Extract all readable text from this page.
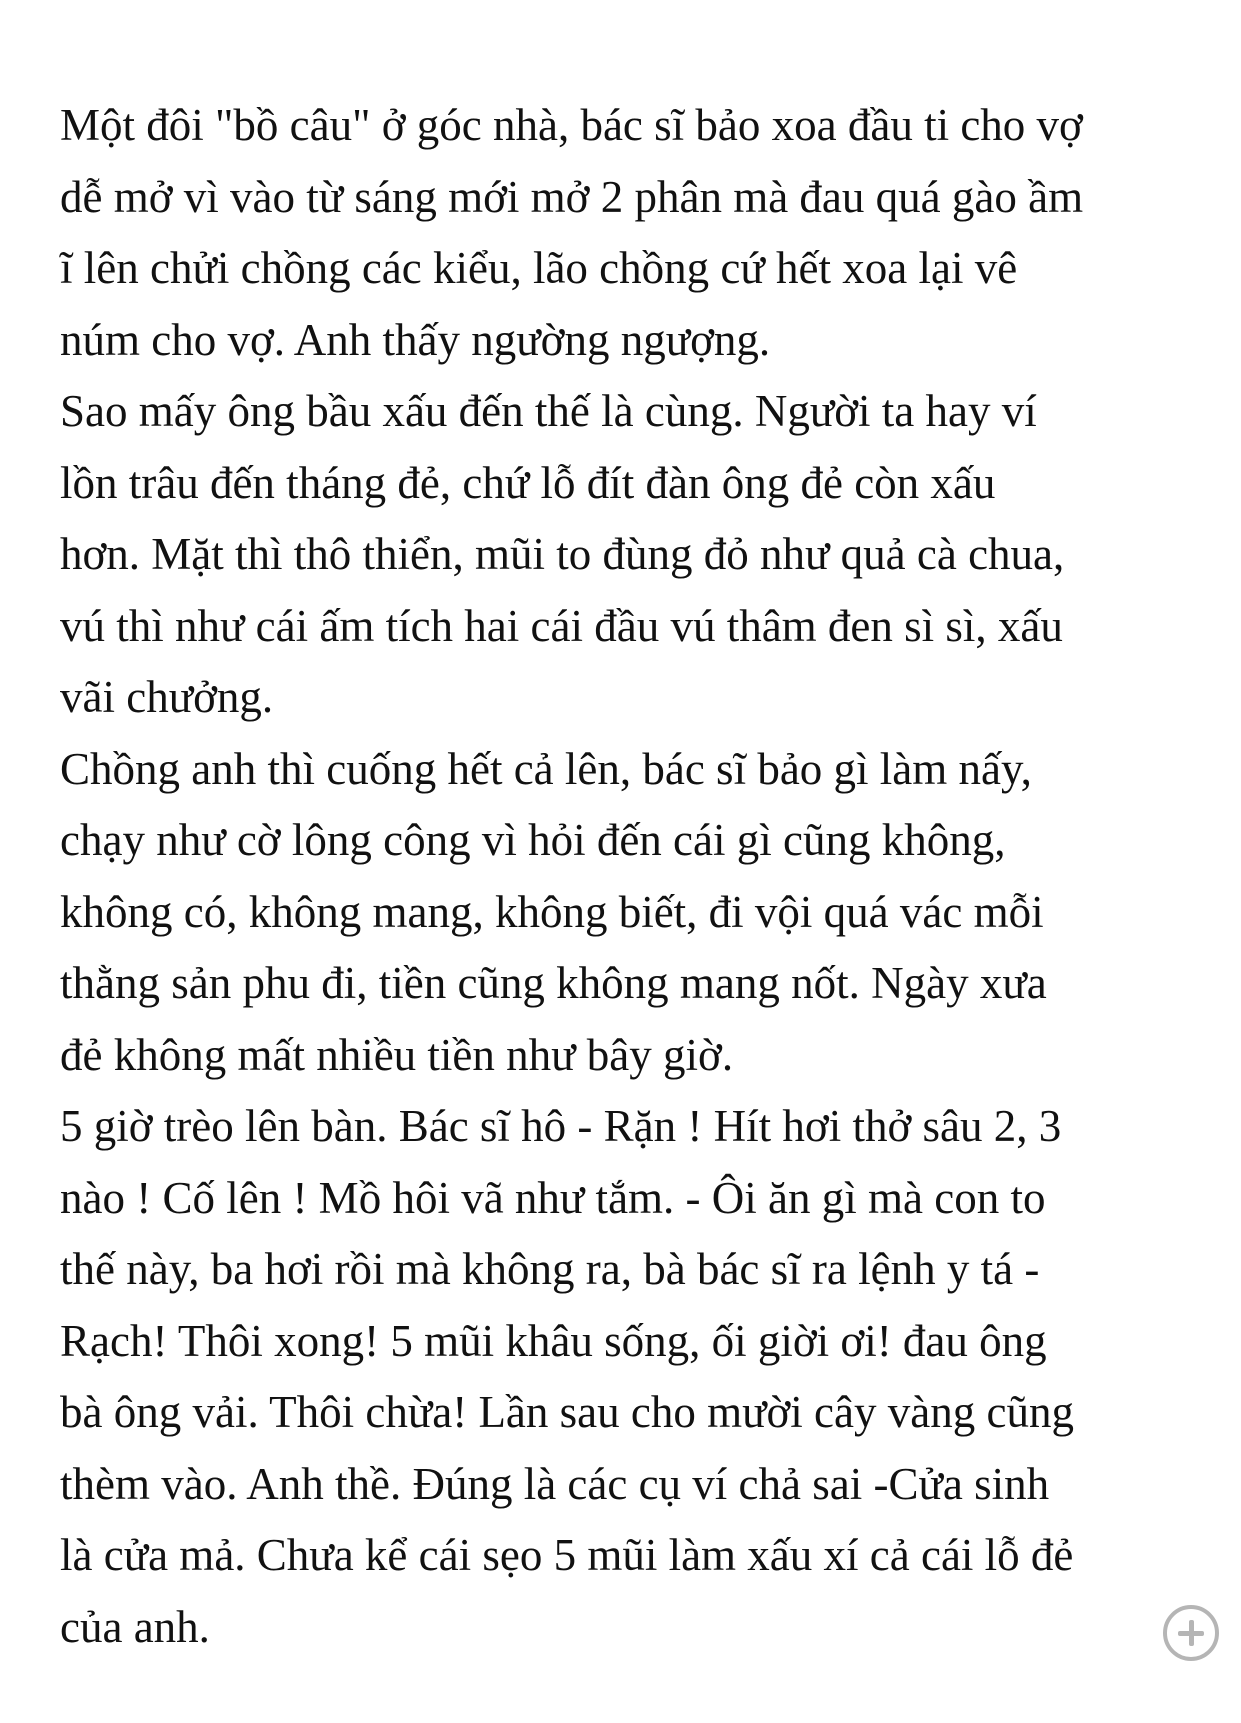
Một đôi "bồ câu" ở góc nhà, bác sĩ bảo xoa đầu ti cho vợ
dễ mở vì vào từ sáng mới mở 2 phân mà đau quá gào ầm
ĩ lên chửi chồng các kiểu, lão chồng cứ hết xoa lại vê
núm cho vợ. Anh thấy ngường ngượng.
Sao mấy ông bầu xấu đến thế là cùng. Người ta hay ví
lồn trâu đến tháng đẻ, chứ lỗ đít đàn ông đẻ còn xấu
hơn. Mặt thì thô thiển, mũi to đùng đỏ như quả cà chua,
vú thì như cái ấm tích hai cái đầu vú thâm đen sì sì, xấu
vãi chưởng.
Chồng anh thì cuống hết cả lên, bác sĩ bảo gì làm nấy,
chạy như cờ lông công vì hỏi đến cái gì cũng không,
không có, không mang, không biết, đi vội quá vác mỗi
thằng sản phu đi, tiền cũng không mang nốt. Ngày xưa
đẻ không mất nhiều tiền như bây giờ.
5 giờ trèo lên bàn. Bác sĩ hô - Rặn ! Hít hơi thở sâu 2, 3
nào ! Cố lên ! Mồ hôi vã như tắm. - Ôi ăn gì mà con to
thế này, ba hơi rồi mà không ra, bà bác sĩ ra lệnh y tá -
Rạch! Thôi xong! 5 mũi khâu sống, ối giời ơi! đau ông
bà ông vải. Thôi chừa! Lần sau cho mười cây vàng cũng
thèm vào. Anh thề. Đúng là các cụ ví chả sai -Cửa sinh
là cửa mả. Chưa kể cái sẹo 5 mũi làm xấu xí cả cái lỗ đẻ
của anh.
